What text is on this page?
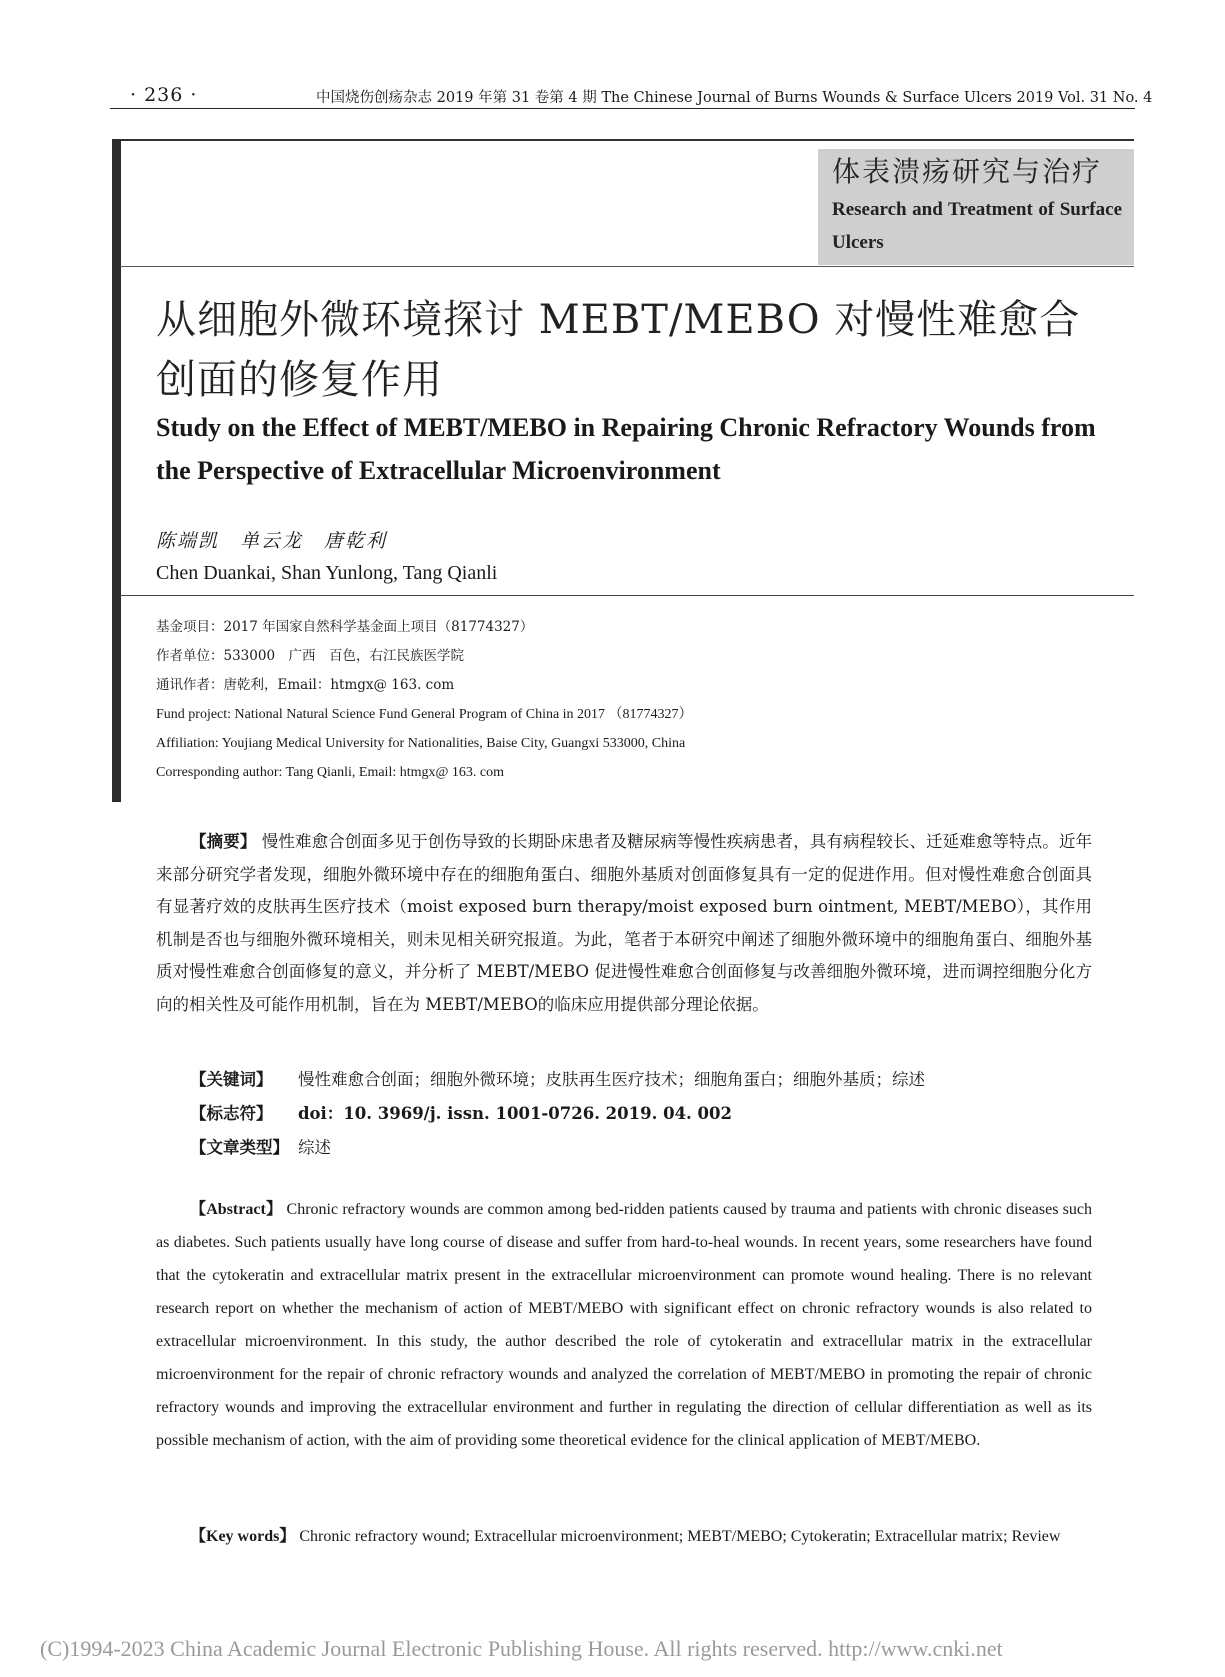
· 236 ·	中国烧伤创疡杂志 2019 年第 31 卷第 4 期 The Chinese Journal of Burns Wounds & Surface Ulcers 2019 Vol. 31 No. 4
体表溃疡研究与治疗
Research and Treatment of Surface Ulcers
从细胞外微环境探讨 MEBT/MEBO 对慢性难愈合创面的修复作用
Study on the Effect of MEBT/MEBO in Repairing Chronic Refractory Wounds from the Perspective of Extracellular Microenvironment
陈端凯　单云龙　唐乾利
Chen Duankai, Shan Yunlong, Tang Qianli
基金项目：2017 年国家自然科学基金面上项目（81774327）
作者单位：533000　广西　百色，右江民族医学院
通讯作者：唐乾利，Email：htmgx@ 163. com
Fund project: National Natural Science Fund General Program of China in 2017 （81774327）
Affiliation: Youjiang Medical University for Nationalities, Baise City, Guangxi 533000, China
Corresponding author: Tang Qianli, Email: htmgx@ 163. com
【摘要】 慢性难愈合创面多见于创伤导致的长期卧床患者及糖尿病等慢性疾病患者，具有病程较长、迁延难愈等特点。近年来部分研究学者发现，细胞外微环境中存在的细胞角蛋白、细胞外基质对创面修复具有一定的促进作用。但对慢性难愈合创面具有显著疗效的皮肤再生医疗技术（moist exposed burn therapy/moist exposed burn ointment, MEBT/MEBO），其作用机制是否也与细胞外微环境相关，则未见相关研究报道。为此，笔者于本研究中阐述了细胞外微环境中的细胞角蛋白、细胞外基质对慢性难愈合创面修复的意义，并分析了 MEBT/MEBO 促进慢性难愈合创面修复与改善细胞外微环境，进而调控细胞分化方向的相关性及可能作用机制，旨在为 MEBT/MEBO的临床应用提供部分理论依据。
【关键词】 慢性难愈合创面；细胞外微环境；皮肤再生医疗技术；细胞角蛋白；细胞外基质；综述
【标志符】 doi：10. 3969/j. issn. 1001-0726. 2019. 04. 002
【文章类型】 综述
【Abstract】 Chronic refractory wounds are common among bed-ridden patients caused by trauma and patients with chronic diseases such as diabetes. Such patients usually have long course of disease and suffer from hard-to-heal wounds. In recent years, some researchers have found that the cytokeratin and extracellular matrix present in the extracellular microenvironment can promote wound healing. There is no relevant research report on whether the mechanism of action of MEBT/MEBO with significant effect on chronic refractory wounds is also related to extracellular microenvironment. In this study, the author described the role of cytokeratin and extracellular matrix in the extracellular microenvironment for the repair of chronic refractory wounds and analyzed the correlation of MEBT/MEBO in promoting the repair of chronic refractory wounds and improving the extracellular environment and further in regulating the direction of cellular differentiation as well as its possible mechanism of action, with the aim of providing some theoretical evidence for the clinical application of MEBT/MEBO.
【Key words】 Chronic refractory wound; Extracellular microenvironment; MEBT/MEBO; Cytokeratin; Extracellular matrix; Review
(C)1994-2023 China Academic Journal Electronic Publishing House. All rights reserved. http://www.cnki.net
